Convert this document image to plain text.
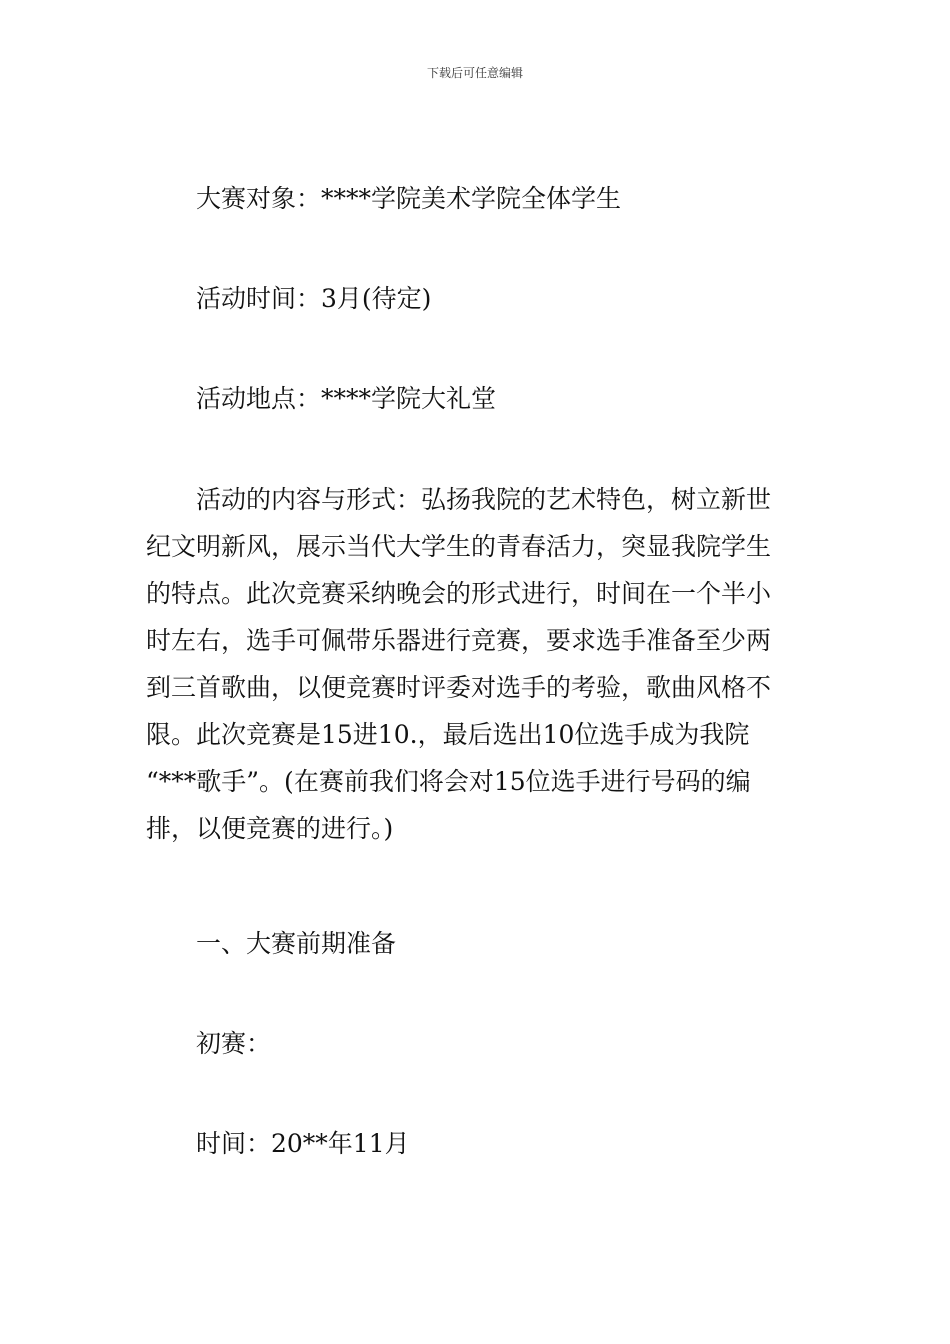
下载后可任意编辑
大赛对象：****学院美术学院全体学生
活动时间：3月(待定)
活动地点：****学院大礼堂
活动的内容与形式：弘扬我院的艺术特色，树立新世
纪文明新风，展示当代大学生的青春活力，突显我院学生
的特点。此次竞赛采纳晚会的形式进行，时间在一个半小
时左右，选手可佩带乐器进行竞赛，要求选手准备至少两
到三首歌曲，以便竞赛时评委对选手的考验，歌曲风格不
限。此次竞赛是15进10.，最后选出10位选手成为我院
“***歌手”。(在赛前我们将会对15位选手进行号码的编
排，以便竞赛的进行。)
一、大赛前期准备
初赛：
时间：20**年11月
